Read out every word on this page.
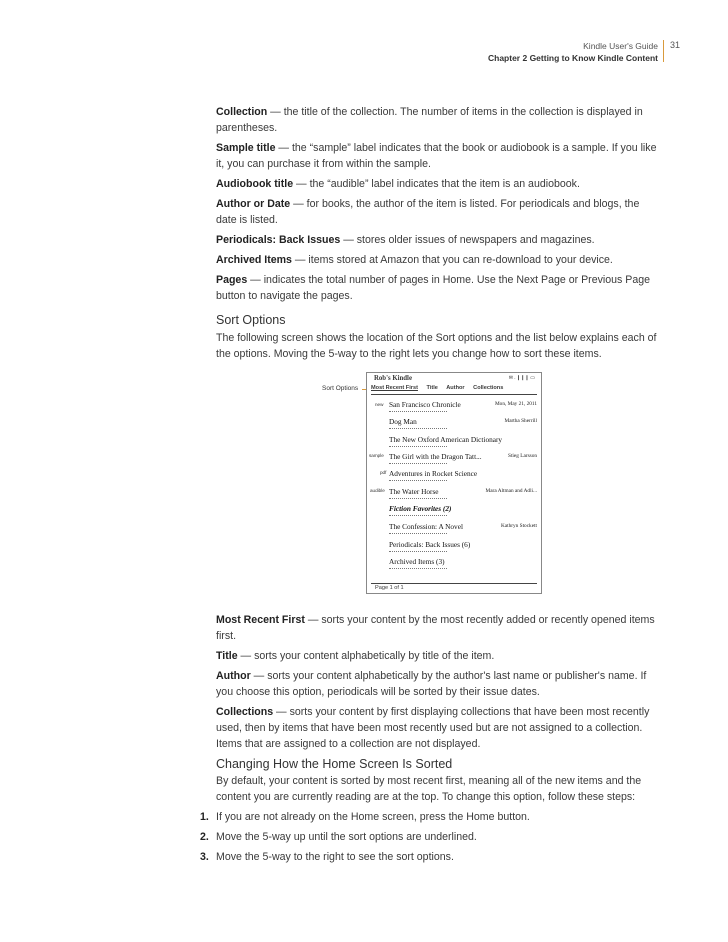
Kindle User's Guide
Chapter 2 Getting to Know Kindle Content
31

Collection — the title of the collection. The number of items in the collection is displayed in parentheses.

Sample title — the “sample” label indicates that the book or audiobook is a sample. If you like it, you can purchase it from within the sample.

Audiobook title — the “audible” label indicates that the item is an audiobook.

Author or Date — for books, the author of the item is listed. For periodicals and blogs, the date is listed.

Periodicals: Back Issues — stores older issues of newspapers and magazines.

Archived Items — items stored at Amazon that you can re-download to your device.

Pages — indicates the total number of pages in Home. Use the Next Page or Previous Page button to navigate the pages.

Sort Options
The following screen shows the location of the Sort options and the list below explains each of the options. Moving the 5-way to the right lets you change how to sort these items.
Sort Options
Rob's Kindle	✉ . ❙❙❙ ▭
Most Recent First Title Author Collections
new San Francisco Chronicle	Mon, May 21, 2011
Dog Man	Martha Sherrill
The New Oxford American Dictionary
sample The Girl with the Dragon Tatt...	Stieg Larsson
pdf Adventures in Rocket Science
audible The Water Horse	Mara Altman and Adli...
Fiction Favorites (2)
The Confession: A Novel	Kathryn Stockett
Periodicals: Back Issues (6)
Archived Items (3)
Page 1 of 1

Most Recent First — sorts your content by the most recently added or recently opened items first.

Title — sorts your content alphabetically by title of the item.

Author — sorts your content alphabetically by the author's last name or publisher's name. If you choose this option, periodicals will be sorted by their issue dates.

Collections — sorts your content by first displaying collections that have been most recently used, then by items that have been most recently used but are not assigned to a collection. Items that are assigned to a collection are not displayed.

Changing How the Home Screen Is Sorted
By default, your content is sorted by most recent first, meaning all of the new items and the content you are currently reading are at the top. To change this option, follow these steps:
1. If you are not already on the Home screen, press the Home button.
2. Move the 5-way up until the sort options are underlined.
3. Move the 5-way to the right to see the sort options.
